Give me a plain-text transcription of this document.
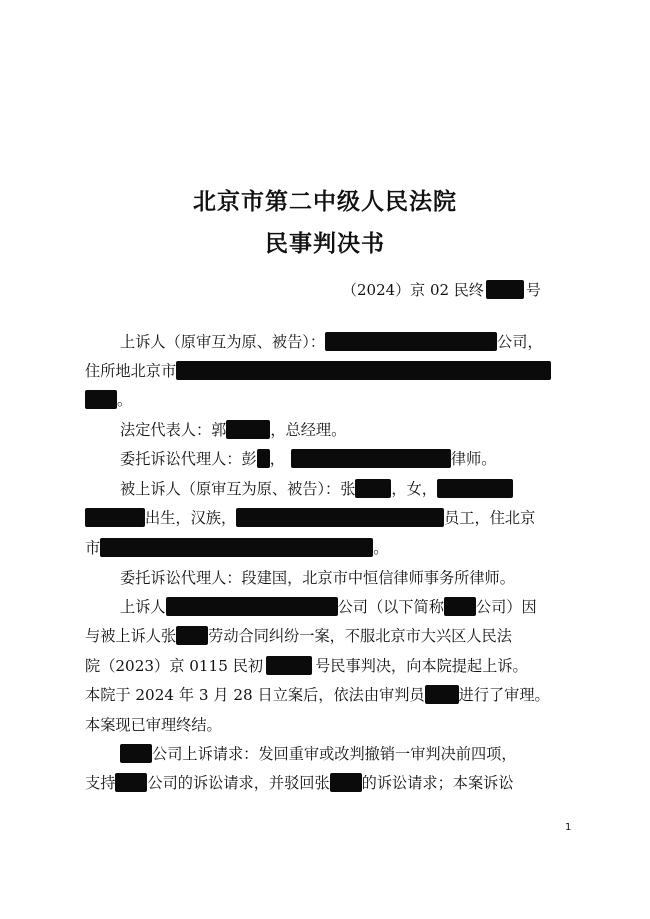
北京市第二中级人民法院
民事判决书
（2024）京 02 民终	号
上诉人（原审互为原、被告）：	公司，
住所地北京市
。
法定代表人：郭	，总经理。
委托诉讼代理人：彭 ，	律师。
被上诉人（原审互为原、被告）：张 ，女，
出生，汉族，	员工，住北京
市	。
委托诉讼代理人：段建国，北京市中恒信律师事务所律师。
上诉人	公司（以下简称 公司）因
与被上诉人张 劳动合同纠纷一案，不服北京市大兴区人民法
院（2023）京 0115 民初	号民事判决，向本院提起上诉。
本院于 2024 年 3 月 28 日立案后，依法由审判员 进行了审理。
本案现已审理终结。
公司上诉请求：发回重审或改判撤销一审判决前四项，
支持 公司的诉讼请求，并驳回张 的诉讼请求；本案诉讼
1
